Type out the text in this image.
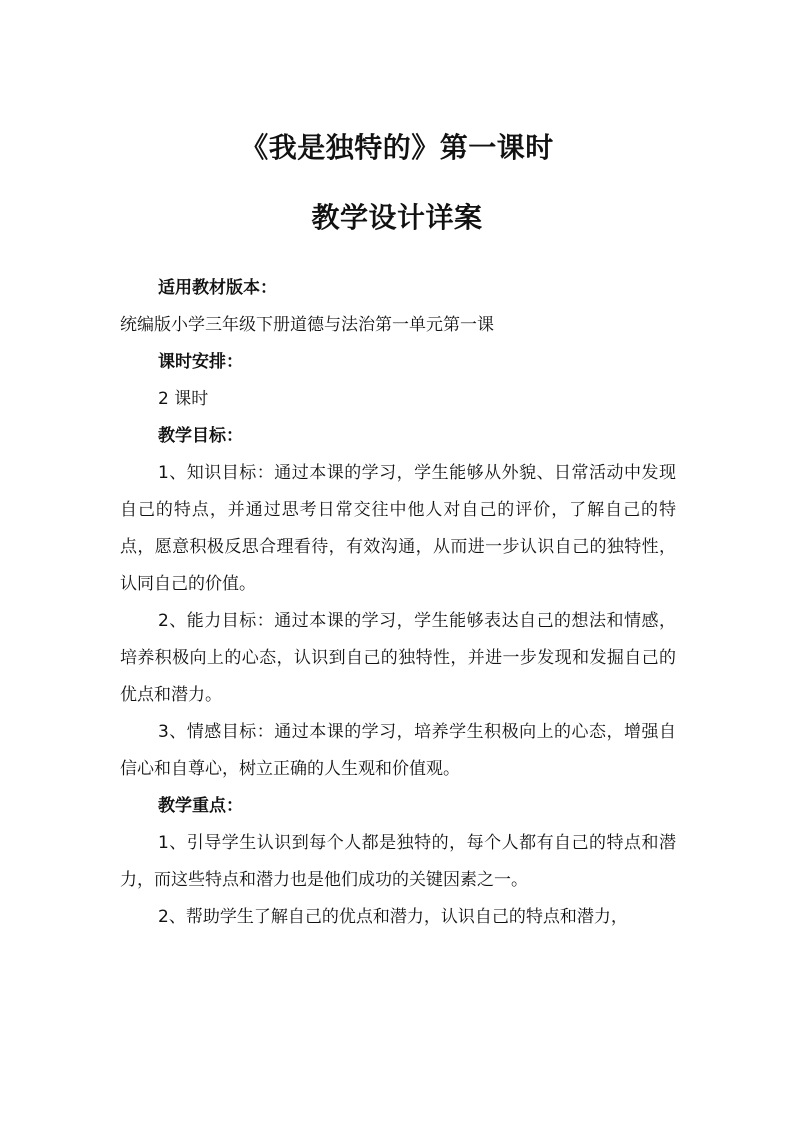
《我是独特的》第一课时
教学设计详案

适用教材版本：

统编版小学三年级下册道德与法治第一单元第一课

课时安排：

2 课时

教学目标：

1、知识目标：通过本课的学习，学生能够从外貌、日常活动中发现自己的特点，并通过思考日常交往中他人对自己的评价，了解自己的特点，愿意积极反思合理看待，有效沟通，从而进一步认识自己的独特性，认同自己的价值。

2、能力目标：通过本课的学习，学生能够表达自己的想法和情感，培养积极向上的心态，认识到自己的独特性，并进一步发现和发掘自己的优点和潜力。

3、情感目标：通过本课的学习，培养学生积极向上的心态，增强自信心和自尊心，树立正确的人生观和价值观。

教学重点：

1、引导学生认识到每个人都是独特的，每个人都有自己的特点和潜力，而这些特点和潜力也是他们成功的关键因素之一。

2、帮助学生了解自己的优点和潜力，认识自己的特点和潜力，
